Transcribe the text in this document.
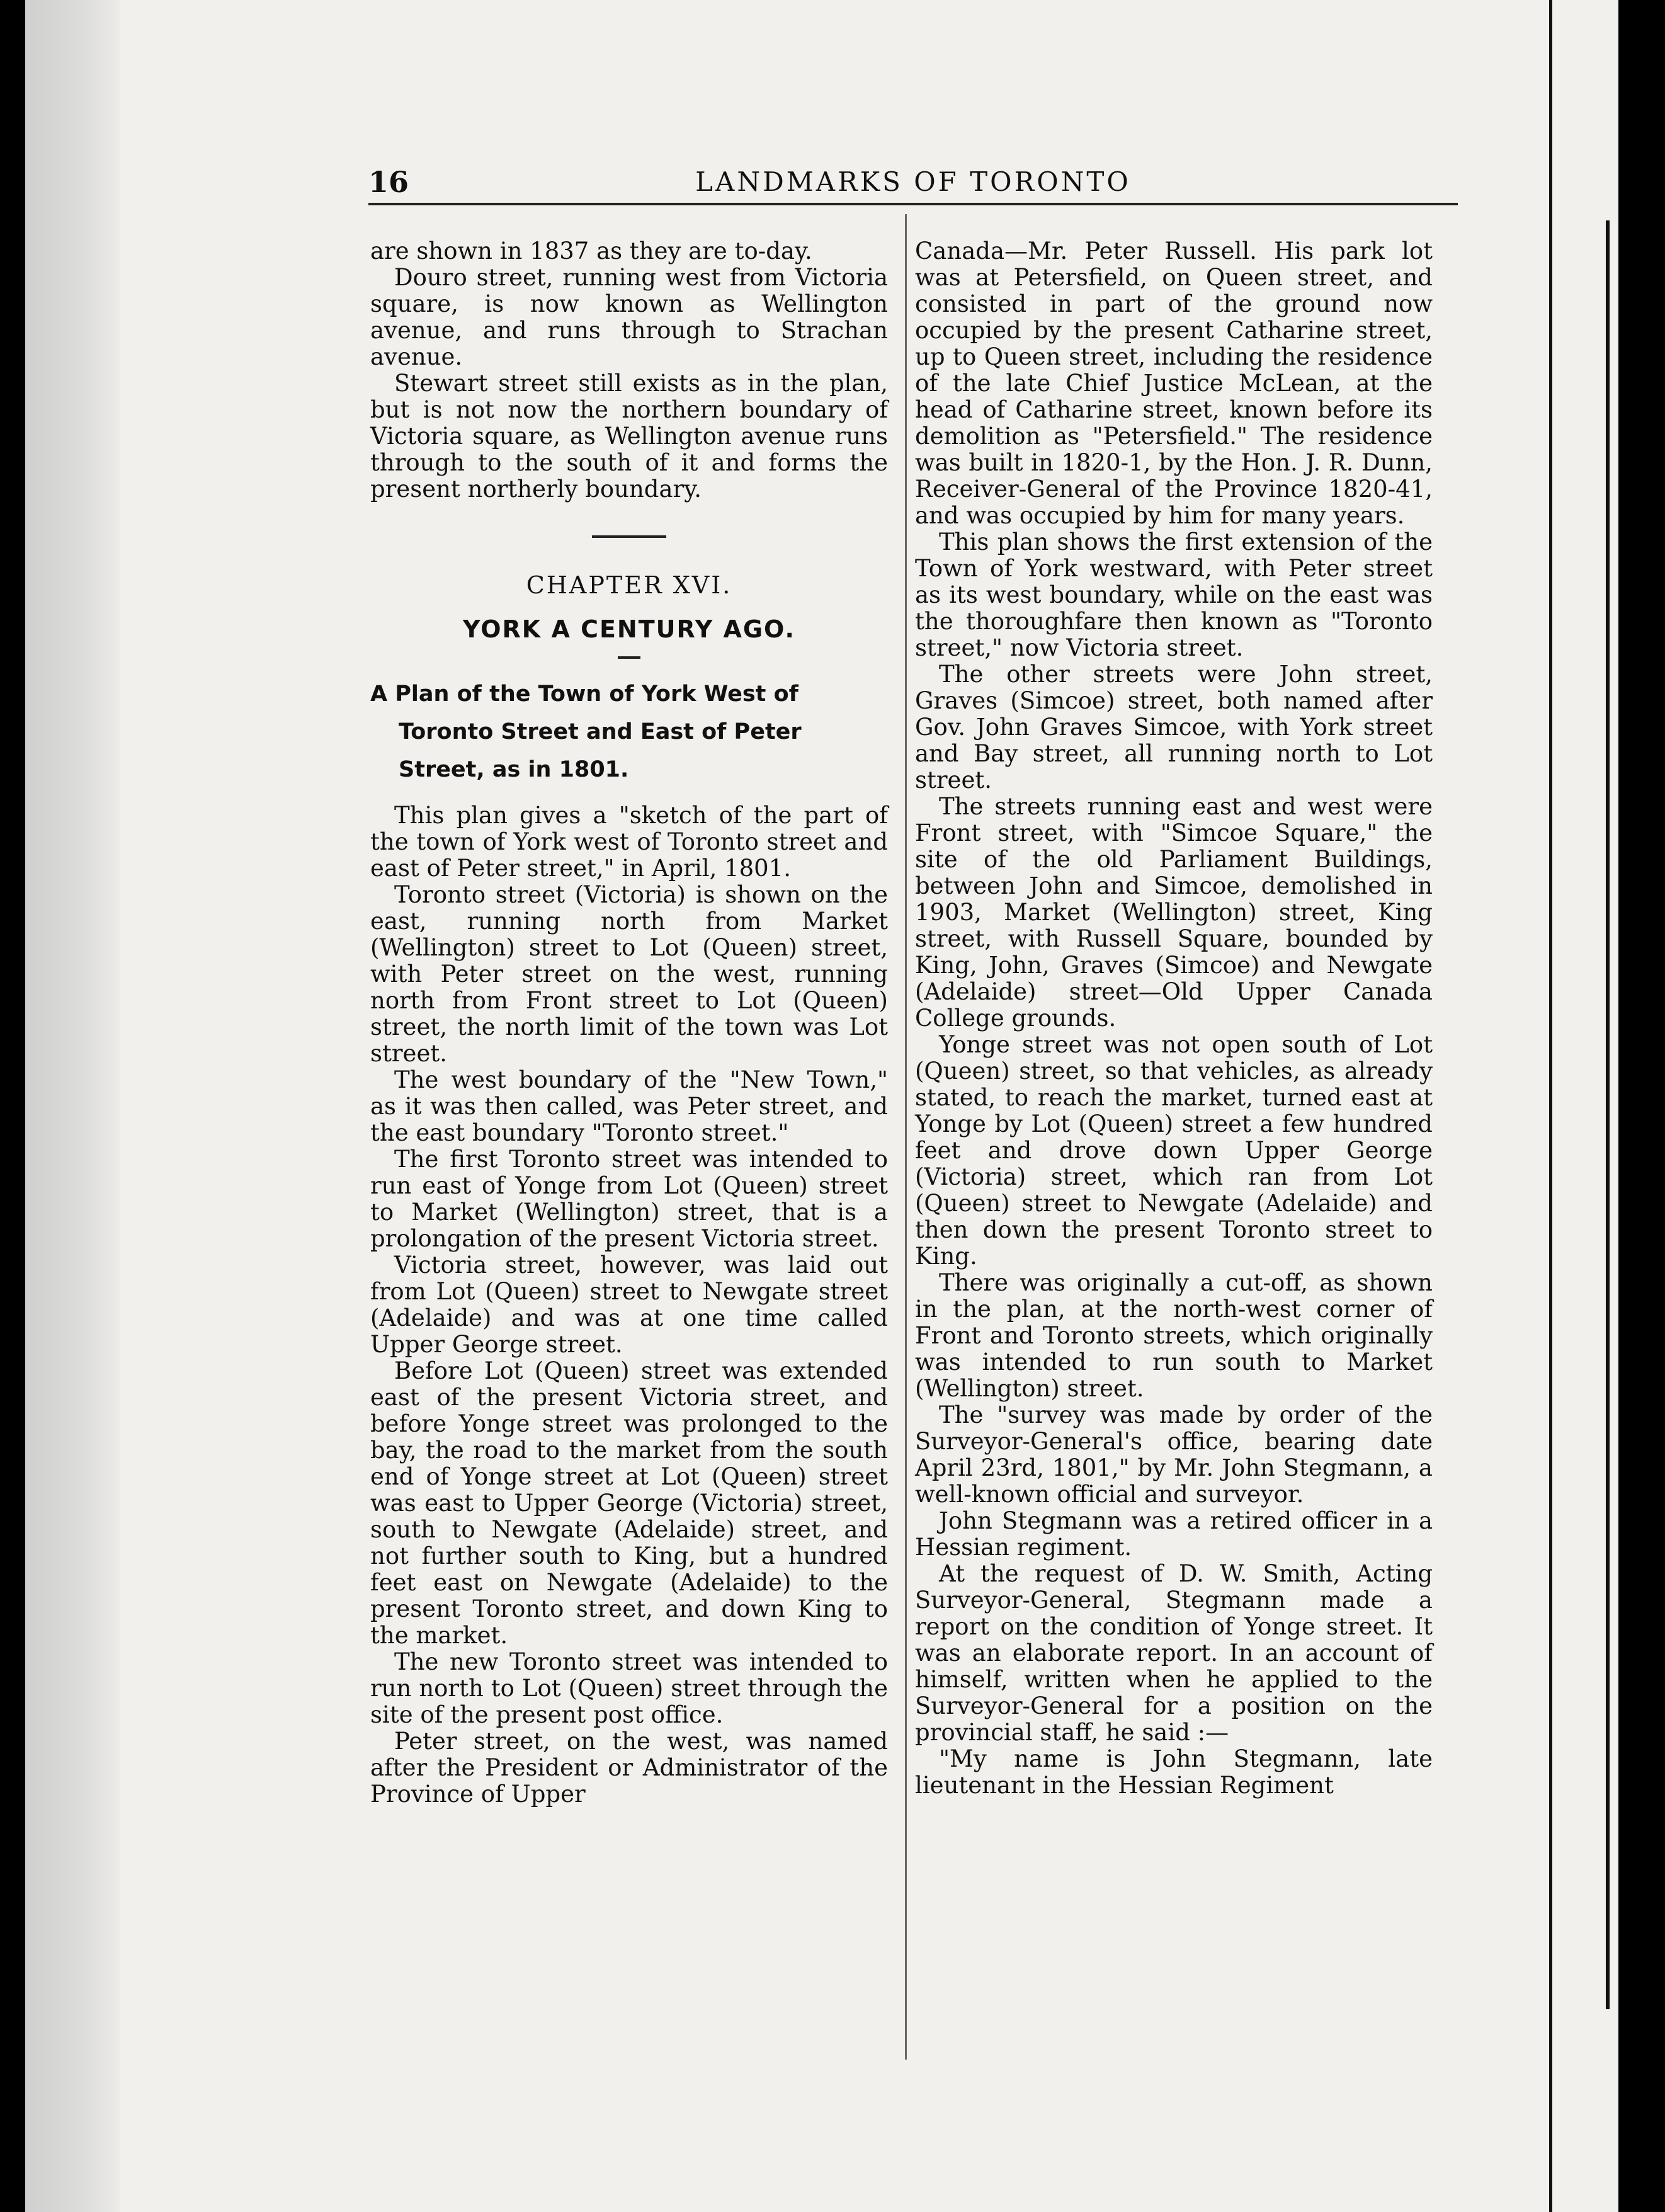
16	LANDMARKS OF TORONTO

are shown in 1837 as they are to-day.

Douro street, running west from Victoria square, is now known as Wellington avenue, and runs through to Strachan avenue.

Stewart street still exists as in the plan, but is not now the northern boundary of Victoria square, as Wellington avenue runs through to the south of it and forms the present northerly boundary.

CHAPTER XVI.
YORK A CENTURY AGO.
A Plan of the Town of York West of Toronto Street and East of Peter Street, as in 1801.

This plan gives a "sketch of the part of the town of York west of Toronto street and east of Peter street," in April, 1801.

Toronto street (Victoria) is shown on the east, running north from Market (Wellington) street to Lot (Queen) street, with Peter street on the west, running north from Front street to Lot (Queen) street, the north limit of the town was Lot street.

The west boundary of the "New Town," as it was then called, was Peter street, and the east boundary "Toronto street."

The first Toronto street was intended to run east of Yonge from Lot (Queen) street to Market (Wellington) street, that is a prolongation of the present Victoria street.

Victoria street, however, was laid out from Lot (Queen) street to Newgate street (Adelaide) and was at one time called Upper George street.

Before Lot (Queen) street was extended east of the present Victoria street, and before Yonge street was prolonged to the bay, the road to the market from the south end of Yonge street at Lot (Queen) street was east to Upper George (Victoria) street, south to Newgate (Adelaide) street, and not further south to King, but a hundred feet east on Newgate (Adelaide) to the present Toronto street, and down King to the market.

The new Toronto street was intended to run north to Lot (Queen) street through the site of the present post office.

Peter street, on the west, was named after the President or Administrator of the Province of Upper

Canada—Mr. Peter Russell. His park lot was at Petersfield, on Queen street, and consisted in part of the ground now occupied by the present Catharine street, up to Queen street, including the residence of the late Chief Justice McLean, at the head of Catharine street, known before its demolition as "Petersfield." The residence was built in 1820-1, by the Hon. J. R. Dunn, Receiver-General of the Province 1820-41, and was occupied by him for many years.

This plan shows the first extension of the Town of York westward, with Peter street as its west boundary, while on the east was the thoroughfare then known as "Toronto street," now Victoria street.

The other streets were John street, Graves (Simcoe) street, both named after Gov. John Graves Simcoe, with York street and Bay street, all running north to Lot street.

The streets running east and west were Front street, with "Simcoe Square," the site of the old Parliament Buildings, between John and Simcoe, demolished in 1903, Market (Wellington) street, King street, with Russell Square, bounded by King, John, Graves (Simcoe) and Newgate (Adelaide) street—Old Upper Canada College grounds.

Yonge street was not open south of Lot (Queen) street, so that vehicles, as already stated, to reach the market, turned east at Yonge by Lot (Queen) street a few hundred feet and drove down Upper George (Victoria) street, which ran from Lot (Queen) street to Newgate (Adelaide) and then down the present Toronto street to King.

There was originally a cut-off, as shown in the plan, at the north-west corner of Front and Toronto streets, which originally was intended to run south to Market (Wellington) street.

The "survey was made by order of the Surveyor-General's office, bearing date April 23rd, 1801," by Mr. John Stegmann, a well-known official and surveyor.

John Stegmann was a retired officer in a Hessian regiment.

At the request of D. W. Smith, Acting Surveyor-General, Stegmann made a report on the condition of Yonge street. It was an elaborate report. In an account of himself, written when he applied to the Surveyor-General for a position on the provincial staff, he said :—

"My name is John Stegmann, late lieutenant in the Hessian Regiment
